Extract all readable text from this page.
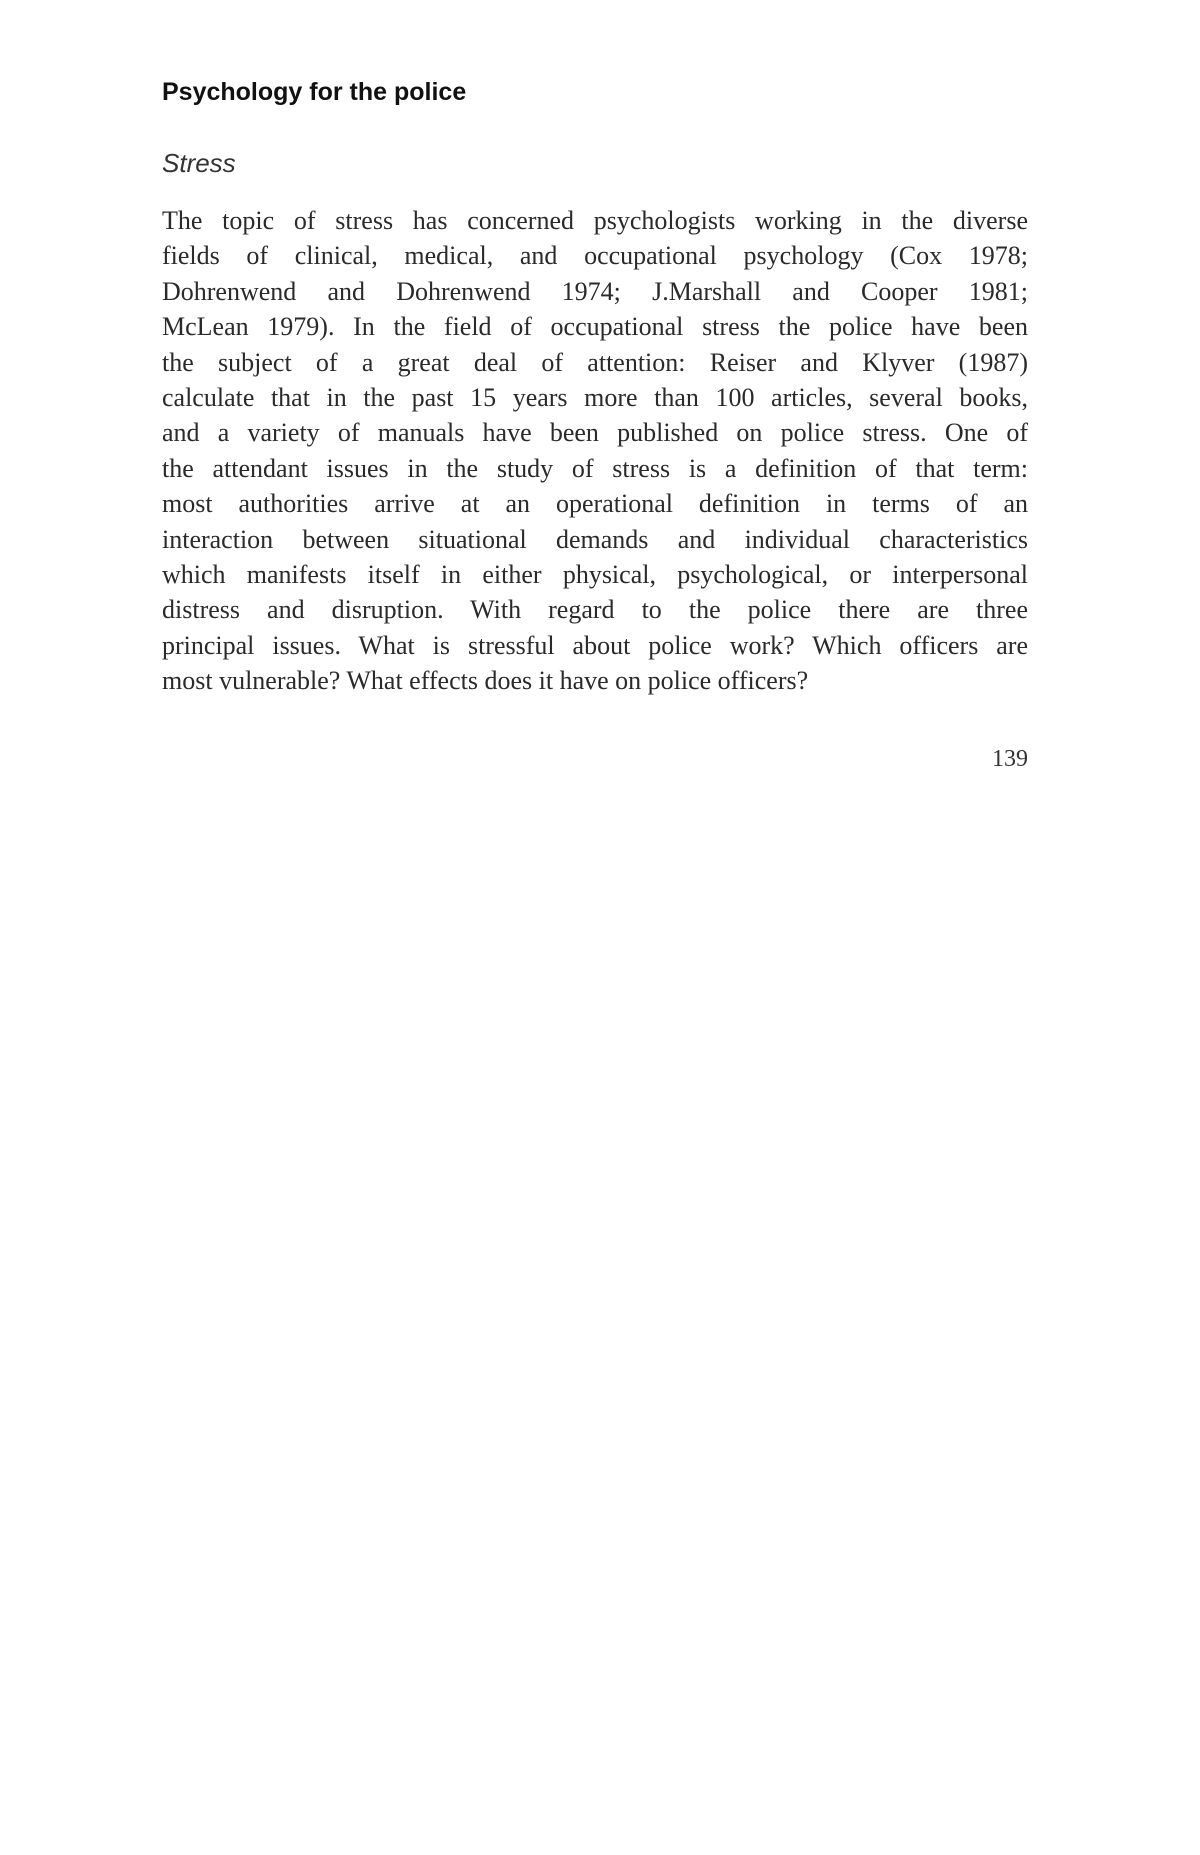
Psychology for the police
Stress
The topic of stress has concerned psychologists working in the diverse
fields of clinical, medical, and occupational psychology (Cox 1978;
Dohrenwend and Dohrenwend 1974; J.Marshall and Cooper 1981;
McLean 1979). In the field of occupational stress the police have been
the subject of a great deal of attention: Reiser and Klyver (1987)
calculate that in the past 15 years more than 100 articles, several books,
and a variety of manuals have been published on police stress. One of
the attendant issues in the study of stress is a definition of that term:
most authorities arrive at an operational definition in terms of an
interaction between situational demands and individual characteristics
which manifests itself in either physical, psychological, or interpersonal
distress and disruption. With regard to the police there are three
principal issues. What is stressful about police work? Which officers are
most vulnerable? What effects does it have on police officers?
139
